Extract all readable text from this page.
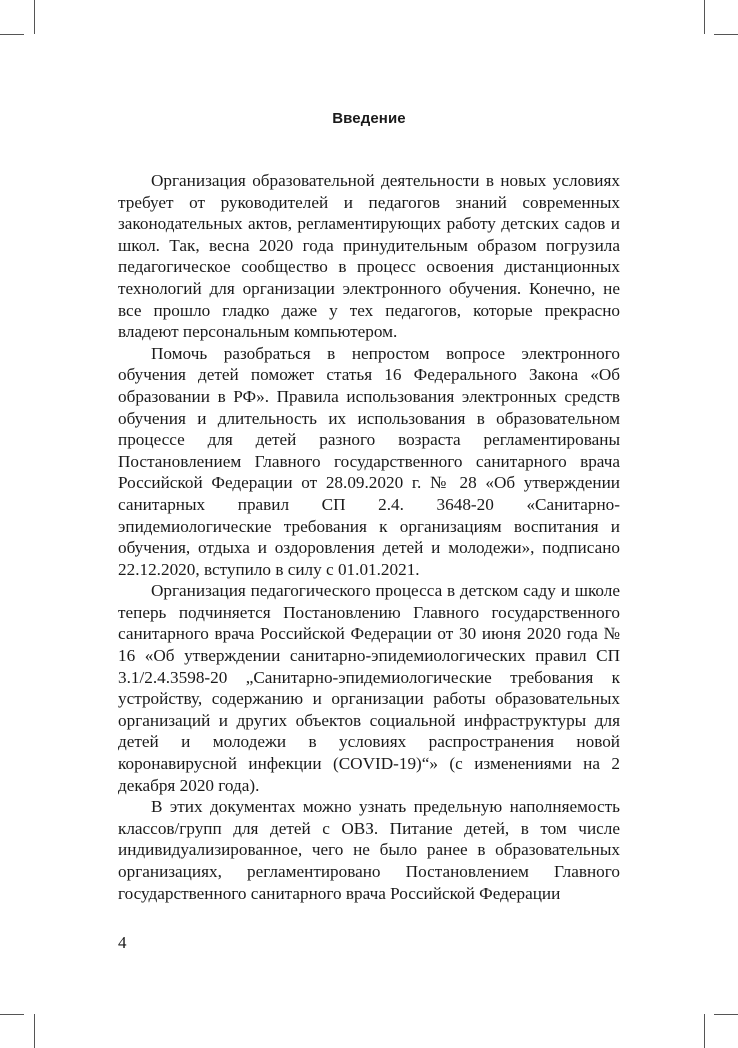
Введение

Организация образовательной деятельности в новых условиях требует от руководителей и педагогов знаний современных законодательных актов, регламентирующих работу детских садов и школ. Так, весна 2020 года принудительным образом погрузила педагогическое сообщество в процесс освоения дистанционных технологий для организации электронного обучения. Конечно, не все прошло гладко даже у тех педагогов, которые прекрасно владеют персональным компьютером.

Помочь разобраться в непростом вопросе электронного обучения детей поможет статья 16 Федерального Закона «Об образовании в РФ». Правила использования электронных средств обучения и длительность их использования в образовательном процессе для детей разного возраста регламентированы Постановлением Главного государственного санитарного врача Российской Федерации от 28.09.2020 г. № 28 «Об утверждении санитарных правил СП 2.4. 3648-20 «Санитарно-эпидемиологические требования к организациям воспитания и обучения, отдыха и оздоровления детей и молодежи», подписано 22.12.2020, вступило в силу с 01.01.2021.

Организация педагогического процесса в детском саду и школе теперь подчиняется Постановлению Главного государственного санитарного врача Российской Федерации от 30 июня 2020 года № 16 «Об утверждении санитарно-эпидемиологических правил СП 3.1/2.4.3598-20 „Санитарно-эпидемиологические требования к устройству, содержанию и организации работы образовательных организаций и других объектов социальной инфраструктуры для детей и молодежи в условиях распространения новой коронавирусной инфекции (COVID-19)“» (с изменениями на 2 декабря 2020 года).

В этих документах можно узнать предельную наполняемость классов/групп для детей с ОВЗ. Питание детей, в том числе индивидуализированное, чего не было ранее в образовательных организациях, регламентировано Постановлением Главного государственного санитарного врача Российской Федерации

4
